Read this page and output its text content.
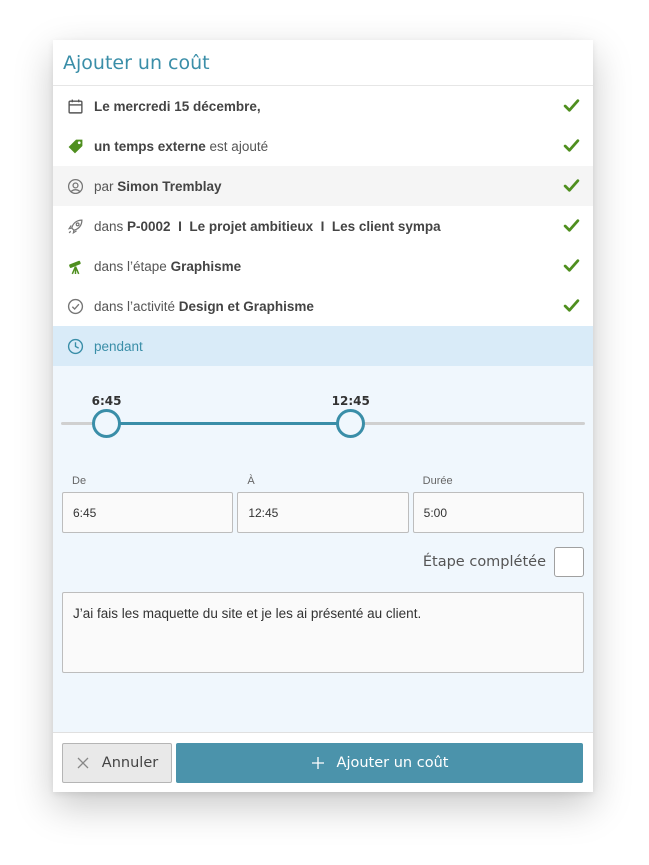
Ajouter un coût
Le mercredi 15 décembre,
un temps externe est ajouté
par Simon Tremblay
dans P-0002  I  Le projet ambitieux  I  Les client sympa
dans l’étape Graphisme
dans l’activité Design et Graphisme
pendant
6:45	12:45
De
6:45
À
12:45
Durée
5:00
Étape complétée
J’ai fais les maquette du site et je les ai présenté au client.
Annuler	Ajouter un coût
